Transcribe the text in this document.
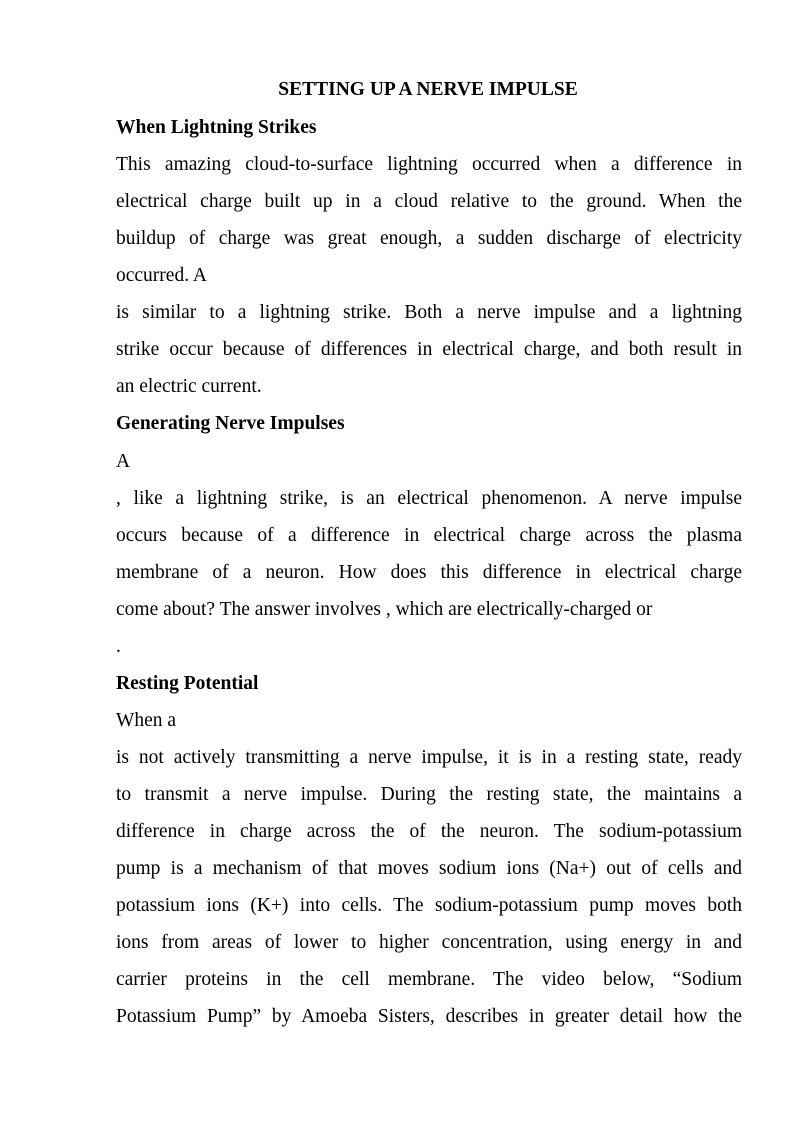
SETTING UP A NERVE IMPULSE
When Lightning Strikes
This amazing cloud-to-surface lightning occurred when a difference in
electrical charge built up in a cloud relative to the ground. When the
buildup of charge was great enough, a sudden discharge of electricity
occurred. A
is similar to a lightning strike. Both a nerve impulse and a lightning
strike occur because of differences in electrical charge, and both result in
an electric current.
Generating Nerve Impulses
A
, like a lightning strike, is an electrical phenomenon. A nerve impulse
occurs because of a difference in electrical charge across the plasma
membrane of a neuron. How does this difference in electrical charge
come about? The answer involves , which are electrically-charged or
.
Resting Potential
When a
is not actively transmitting a nerve impulse, it is in a resting state, ready
to transmit a nerve impulse. During the resting state, the maintains a
difference in charge across the of the neuron. The sodium-potassium
pump is a mechanism of that moves sodium ions (Na+) out of cells and
potassium ions (K+) into cells. The sodium-potassium pump moves both
ions from areas of lower to higher concentration, using energy in and
carrier proteins in the cell membrane. The video below, “Sodium
Potassium Pump” by Amoeba Sisters, describes in greater detail how the
